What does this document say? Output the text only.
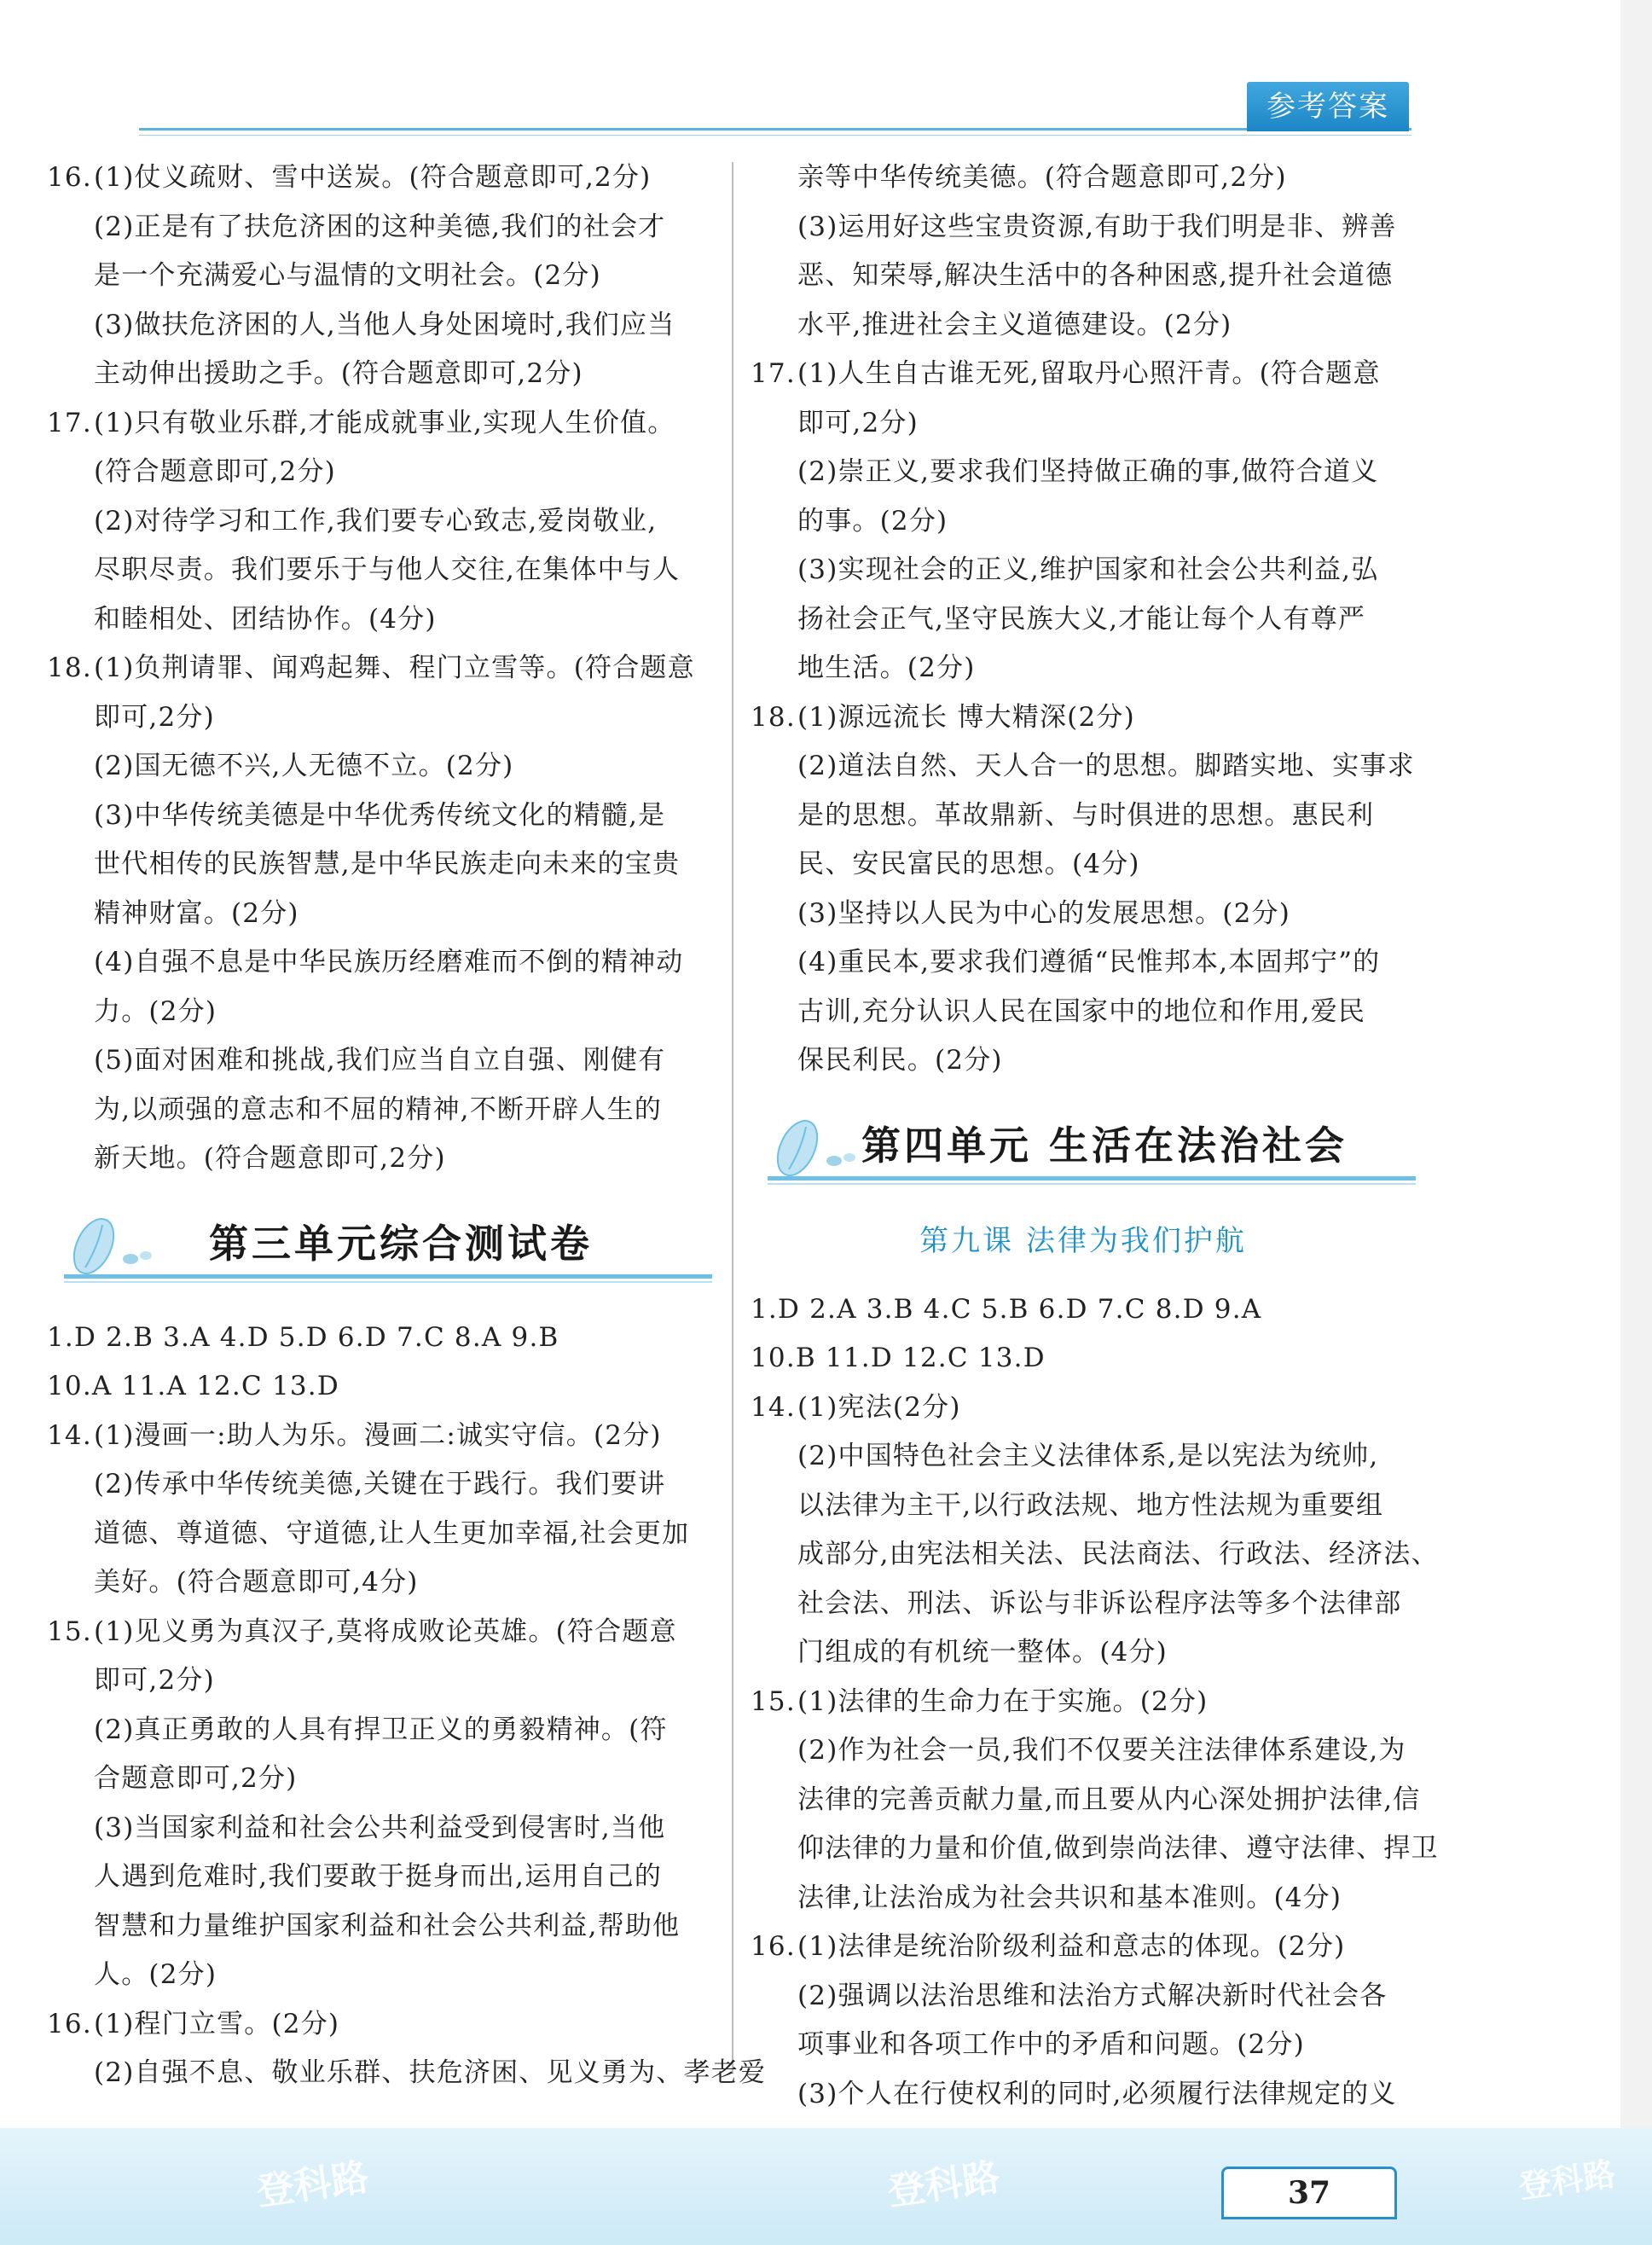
参考答案
16.(1)仗义疏财、雪中送炭。(符合题意即可,2分)
(2)正是有了扶危济困的这种美德,我们的社会才
是一个充满爱心与温情的文明社会。(2分)
(3)做扶危济困的人,当他人身处困境时,我们应当
主动伸出援助之手。(符合题意即可,2分)
17.(1)只有敬业乐群,才能成就事业,实现人生价值。
(符合题意即可,2分)
(2)对待学习和工作,我们要专心致志,爱岗敬业,
尽职尽责。我们要乐于与他人交往,在集体中与人
和睦相处、团结协作。(4分)
18.(1)负荆请罪、闻鸡起舞、程门立雪等。(符合题意
即可,2分)
(2)国无德不兴,人无德不立。(2分)
(3)中华传统美德是中华优秀传统文化的精髓,是
世代相传的民族智慧,是中华民族走向未来的宝贵
精神财富。(2分)
(4)自强不息是中华民族历经磨难而不倒的精神动
力。(2分)
(5)面对困难和挑战,我们应当自立自强、刚健有
为,以顽强的意志和不屈的精神,不断开辟人生的
新天地。(符合题意即可,2分)
第三单元综合测试卷
1.D 2.B 3.A 4.D 5.D 6.D 7.C 8.A 9.B
10.A 11.A 12.C 13.D
14.(1)漫画一:助人为乐。漫画二:诚实守信。(2分)
(2)传承中华传统美德,关键在于践行。我们要讲
道德、尊道德、守道德,让人生更加幸福,社会更加
美好。(符合题意即可,4分)
15.(1)见义勇为真汉子,莫将成败论英雄。(符合题意
即可,2分)
(2)真正勇敢的人具有捍卫正义的勇毅精神。(符
合题意即可,2分)
(3)当国家利益和社会公共利益受到侵害时,当他
人遇到危难时,我们要敢于挺身而出,运用自己的
智慧和力量维护国家利益和社会公共利益,帮助他
人。(2分)
16.(1)程门立雪。(2分)
(2)自强不息、敬业乐群、扶危济困、见义勇为、孝老爱
亲等中华传统美德。(符合题意即可,2分)
(3)运用好这些宝贵资源,有助于我们明是非、辨善
恶、知荣辱,解决生活中的各种困惑,提升社会道德
水平,推进社会主义道德建设。(2分)
17.(1)人生自古谁无死,留取丹心照汗青。(符合题意
即可,2分)
(2)崇正义,要求我们坚持做正确的事,做符合道义
的事。(2分)
(3)实现社会的正义,维护国家和社会公共利益,弘
扬社会正气,坚守民族大义,才能让每个人有尊严
地生活。(2分)
18.(1)源远流长 博大精深(2分)
(2)道法自然、天人合一的思想。脚踏实地、实事求
是的思想。革故鼎新、与时俱进的思想。惠民利
民、安民富民的思想。(4分)
(3)坚持以人民为中心的发展思想。(2分)
(4)重民本,要求我们遵循“民惟邦本,本固邦宁”的
古训,充分认识人民在国家中的地位和作用,爱民
保民利民。(2分)
第四单元 生活在法治社会
第九课 法律为我们护航
1.D 2.A 3.B 4.C 5.B 6.D 7.C 8.D 9.A
10.B 11.D 12.C 13.D
14.(1)宪法(2分)
(2)中国特色社会主义法律体系,是以宪法为统帅,
以法律为主干,以行政法规、地方性法规为重要组
成部分,由宪法相关法、民法商法、行政法、经济法、
社会法、刑法、诉讼与非诉讼程序法等多个法律部
门组成的有机统一整体。(4分)
15.(1)法律的生命力在于实施。(2分)
(2)作为社会一员,我们不仅要关注法律体系建设,为
法律的完善贡献力量,而且要从内心深处拥护法律,信
仰法律的力量和价值,做到崇尚法律、遵守法律、捍卫
法律,让法治成为社会共识和基本准则。(4分)
16.(1)法律是统治阶级利益和意志的体现。(2分)
(2)强调以法治思维和法治方式解决新时代社会各
项事业和各项工作中的矛盾和问题。(2分)
(3)个人在行使权利的同时,必须履行法律规定的义
登科路	登科路	登科路
37
